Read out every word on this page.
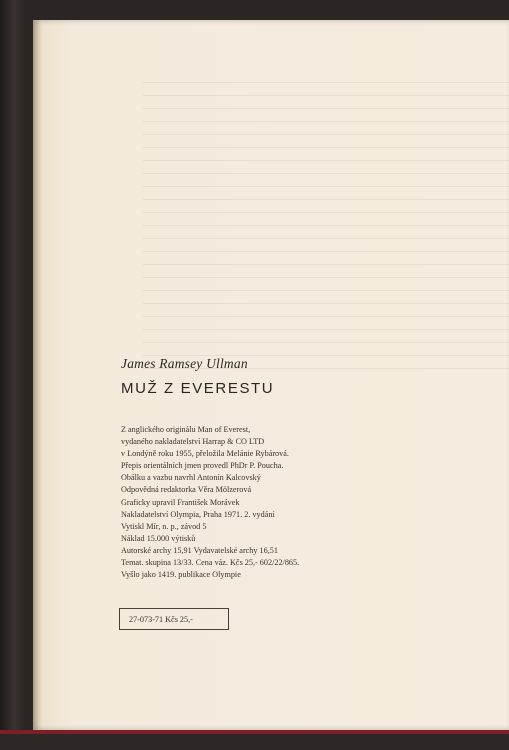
James Ramsey Ullman
MUŽ Z EVERESTU
Z anglického originálu Man of Everest,
vydaného nakladatelství Harrap & CO LTD
v Londýně roku 1955, přeložila Melánie Rybárová.
Přepis orientálních jmen provedl PhDr P. Poucha.
Obálku a vazbu navrhl Antonín Kalcovský
Odpovědná redaktorka Věra Mölzerová
Graficky upravil František Morávek
Nakladatelství Olympia, Praha 1971. 2. vydání
Vytiskl Mír, n. p., závod 5
Náklad 15.000 výtisků
Autorské archy 15,91 Vydavatelské archy 16,51
Temat. skupina 13/33. Cena váz. Kčs 25,- 602/22/865.
Vyšlo jako 1419. publikace Olympie
27-073-71 Kčs 25,-
